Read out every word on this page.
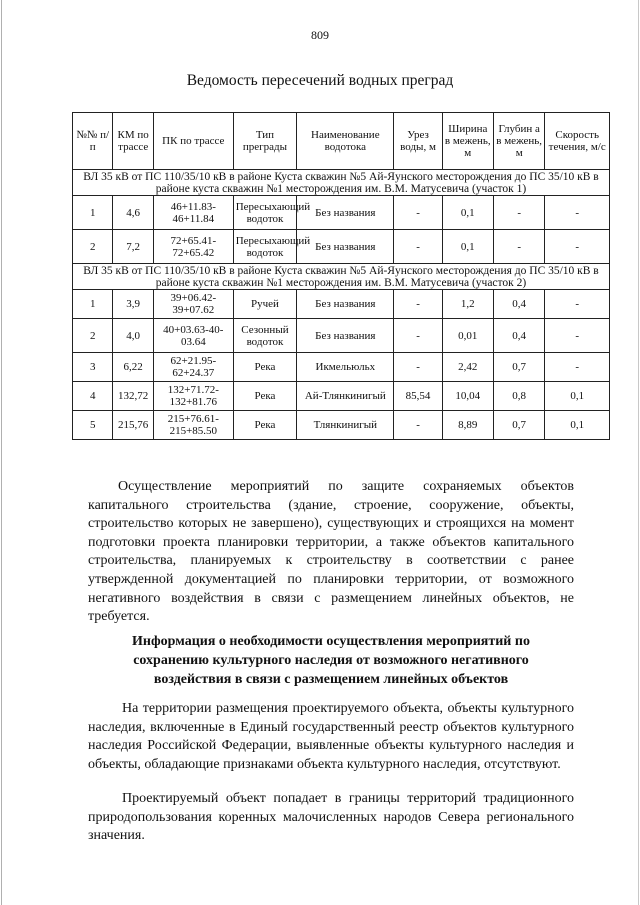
809
Ведомость пересечений водных преград
№№ п/п	КМ по трассе	ПК по трассе	Тип преграды	Наименование водотока	Урез воды, м	Ширина в межень, м	Глубин а в межень, м	Скорость течения, м/с
ВЛ 35 кВ от ПС 110/35/10 кВ в районе Куста скважин №5 Ай-Яунского месторождения до ПС 35/10 кВ в районе куста скважин №1 месторождения им. В.М. Матусевича (участок 1)								
1	4,6	46+11.83-46+11.84	Пересыхающий водоток	Без названия	-	0,1	-	-
2	7,2	72+65.41-72+65.42	Пересыхающий водоток	Без названия	-	0,1	-	-
ВЛ 35 кВ от ПС 110/35/10 кВ в районе Куста скважин №5 Ай-Яунского месторождения до ПС 35/10 кВ в районе куста скважин №1 месторождения им. В.М. Матусевича (участок 2)								
1	3,9	39+06.42-39+07.62	Ручей	Без названия	-	1,2	0,4	-
2	4,0	40+03.63-40-03.64	Сезонный водоток	Без названия	-	0,01	0,4	-
3	6,22	62+21.95-62+24.37	Река	Икмельюльх	-	2,42	0,7	-
4	132,72	132+71.72-132+81.76	Река	Ай-Тлянкинигый	85,54	10,04	0,8	0,1
5	215,76	215+76.61-215+85.50	Река	Тлянкинигый	-	8,89	0,7	0,1

Осуществление мероприятий по защите сохраняемых объектов капитального строительства (здание, строение, сооружение, объекты, строительство которых не завершено), существующих и строящихся на момент подготовки проекта планировки территории, а также объектов капитального строительства, планируемых к строительству в соответствии с ранее утвержденной документацией по планировки территории, от возможного негативного воздействия в связи с размещением линейных объектов, не требуется.

Информация о необходимости осуществления мероприятий по сохранению культурного наследия от возможного негативного воздействия в связи с размещением линейных объектов

На территории размещения проектируемого объекта, объекты культурного наследия, включенные в Единый государственный реестр объектов культурного наследия Российской Федерации, выявленные объекты культурного наследия и объекты, обладающие признаками объекта культурного наследия, отсутствуют.

Проектируемый объект попадает в границы территорий традиционного природопользования коренных малочисленных народов Севера регионального значения.
